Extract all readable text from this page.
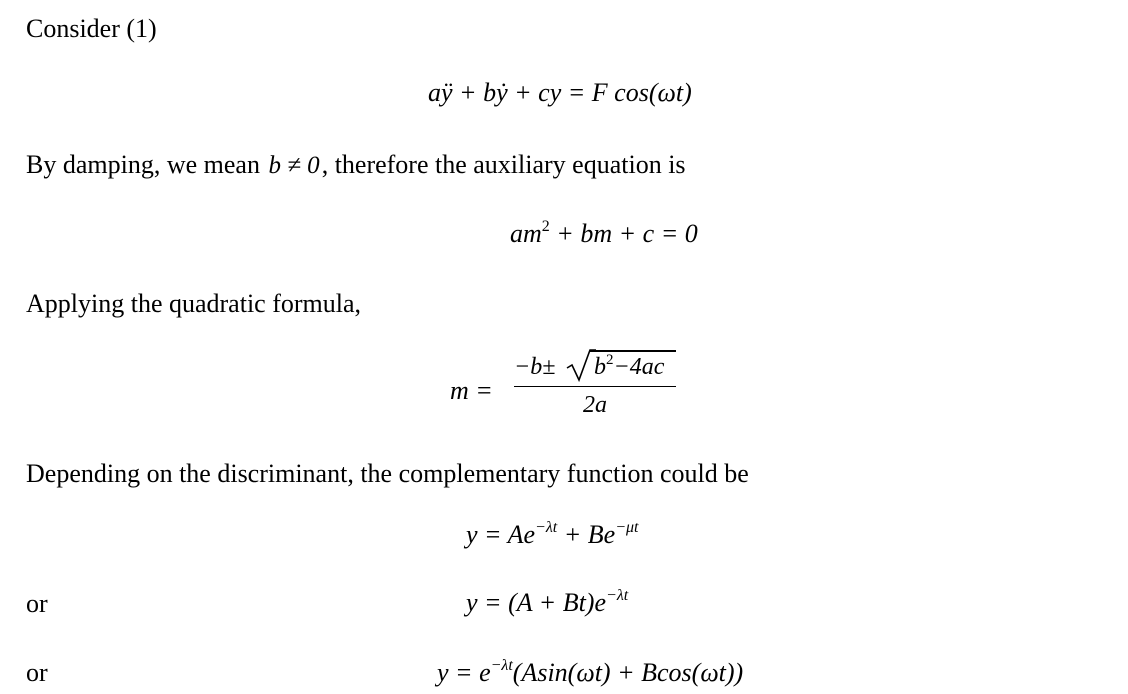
Consider (1)
aÿ + bẏ + cy = F cos(ωt)
By damping, we mean b ≠ 0, therefore the auxiliary equation is
$am^2$ + bm + c = 0
Applying the quadratic formula,
m =
$-b\pm b^2-4ac$
2a
Depending on the discriminant, the complementary function could be
$y = Ae^{-\lambda t} + Be^{-\mu t}$
or	$y = (A + Bt)e^{-\lambda t}$
or	$y = e^{-\lambda t}(Asin(\omega t) + Bcos(\omega t))$
